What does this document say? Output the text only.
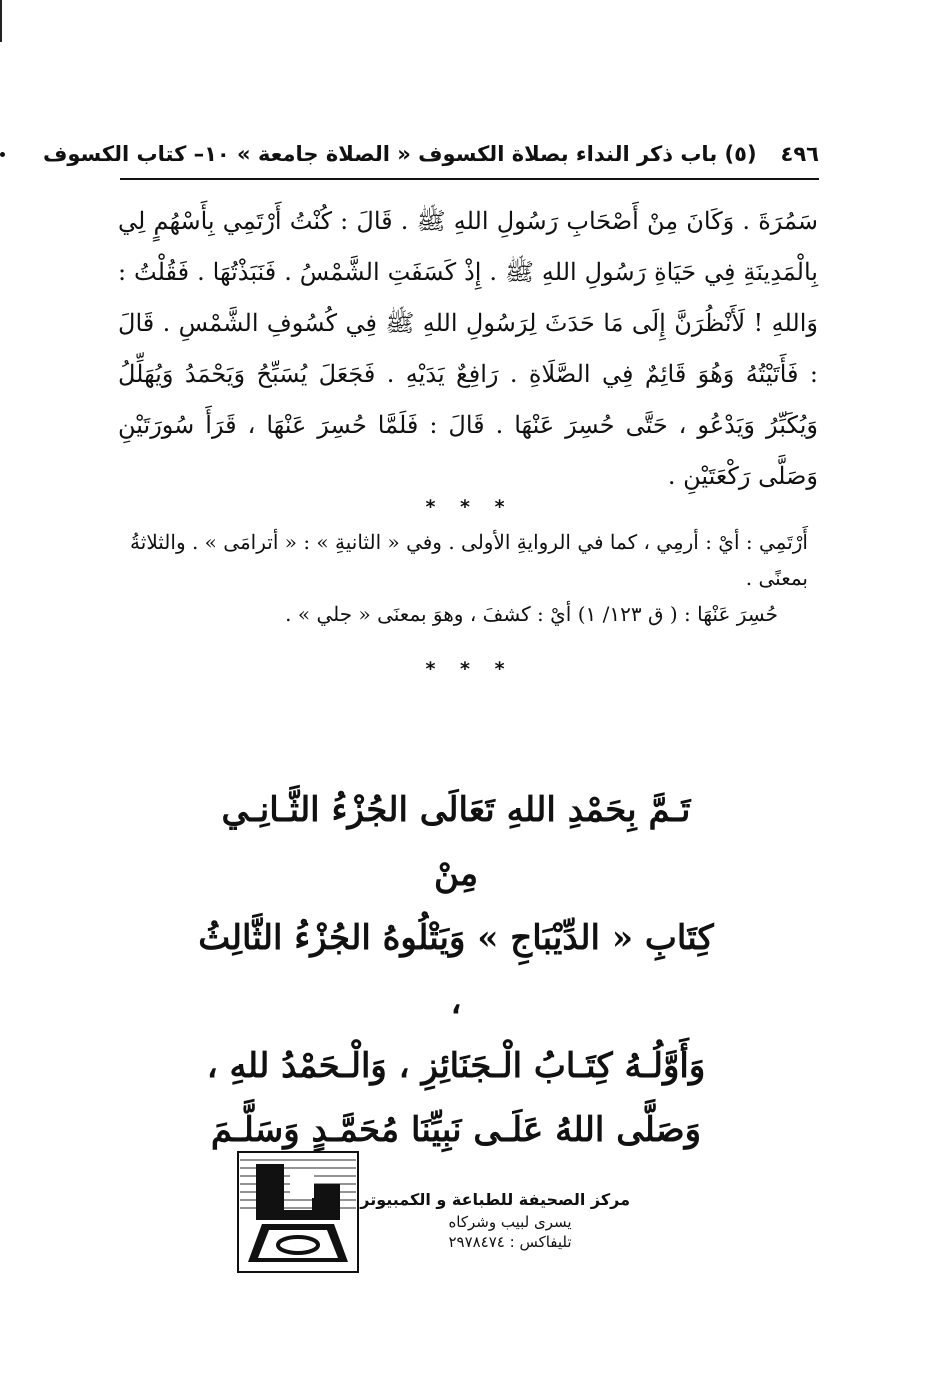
٤٩٦
(٥) باب ذكر النداء بصلاة الكسوف « الصلاة جامعة » ١٠– كتاب الكسوف

سَمُرَةَ . وَكَانَ مِنْ أَصْحَابِ رَسُولِ اللهِ ﷺ . قَالَ : كُنْتُ أَرْتَمِي بِأَسْهُمٍ لِي بِالْمَدِينَةِ فِي حَيَاةِ رَسُولِ اللهِ ﷺ . إِذْ كَسَفَتِ الشَّمْسُ . فَنَبَذْتُهَا . فَقُلْتُ : وَاللهِ ! لَأَنْظُرَنَّ إِلَى مَا حَدَثَ لِرَسُولِ اللهِ ﷺ فِي كُسُوفِ الشَّمْسِ . قَالَ : فَأَتَيْتُهُ وَهُوَ قَائِمٌ فِي الصَّلَاةِ . رَافِعٌ يَدَيْهِ . فَجَعَلَ يُسَبِّحُ وَيَحْمَدُ وَيُهَلِّلُ وَيُكَبِّرُ وَيَدْعُو ، حَتَّى حُسِرَ عَنْهَا . قَالَ : فَلَمَّا حُسِرَ عَنْهَا ، قَرَأَ سُورَتَيْنِ وَصَلَّى رَكْعَتَيْنِ .

* * *

أَرْتَمِي : أيْ : أرمِي ، كما في الروايةِ الأولى . وفي « الثانيةِ » : « أترامَى » . والثلاثةُ بمعنًى .

حُسِرَ عَنْهَا : ( ق ١٢٣/ ١) أيْ : كشفَ ، وهوَ بمعنَى « جلي » .

* * *

تَـمَّ بِحَمْدِ اللهِ تَعَالَى الجُزْءُ الثَّـانِـي مِنْ

كِتَابِ « الدِّيْبَاجِ » وَيَتْلُوهُ الجُزْءُ الثَّالِثُ ،

وَأَوَّلُـهُ كِتَـابُ الْـجَنَائِزِ ، وَالْـحَمْدُ للهِ ،

وَصَلَّى اللهُ عَلَـى نَبِيِّنَا مُحَمَّـدٍ وَسَلَّـمَ

مركز الصحيفة للطباعة و الكمبيوتر
يسرى لبيب وشركاه
تليفاكس : ٢٩٧٨٤٧٤
